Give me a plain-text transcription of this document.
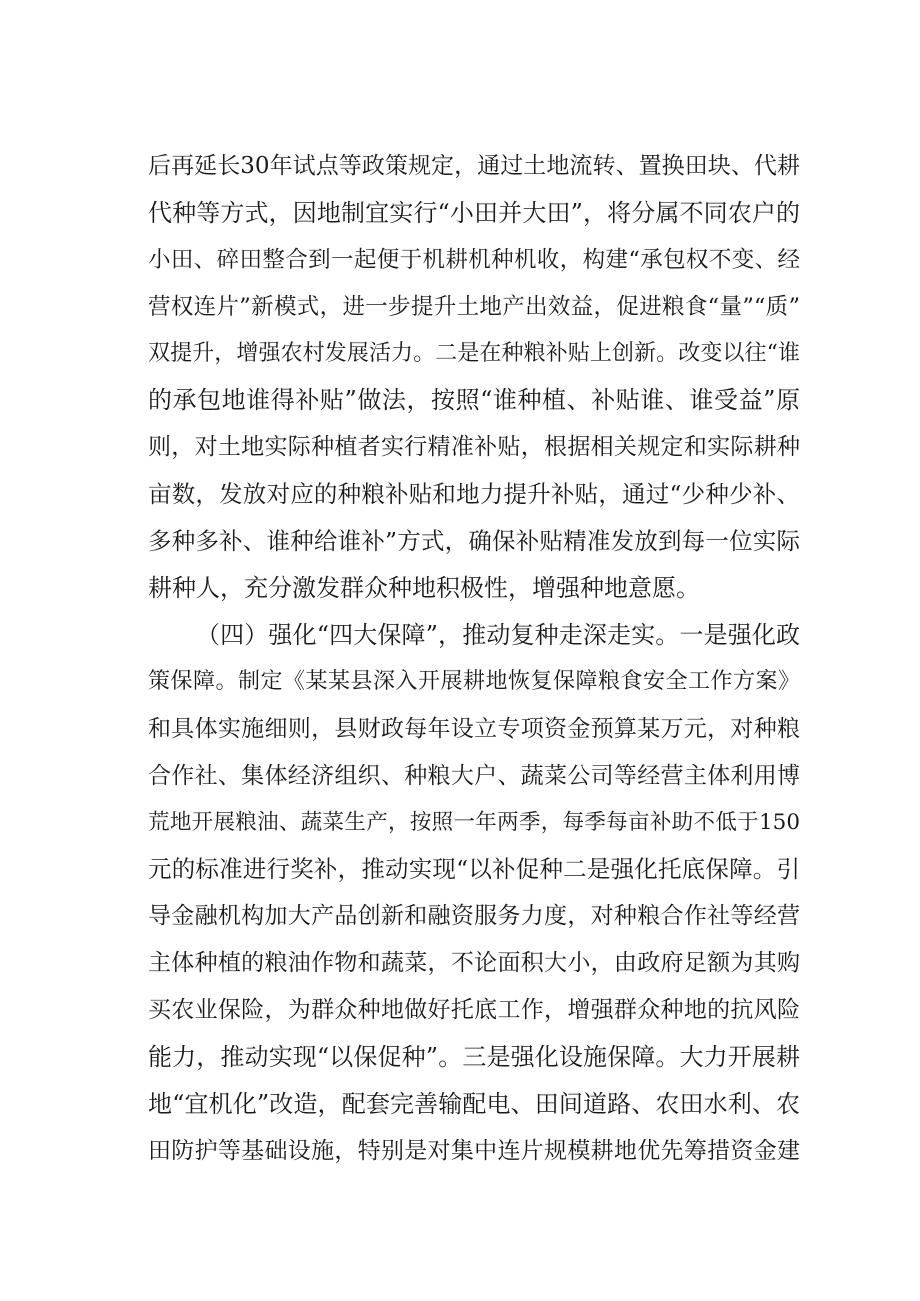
后再延长30年试点等政策规定，通过土地流转、置换田块、代耕
代种等方式，因地制宜实行“小田并大田”，将分属不同农户的
小田、碎田整合到一起便于机耕机种机收，构建“承包权不变、经
营权连片”新模式，进一步提升土地产出效益，促进粮食“量”“质”
双提升，增强农村发展活力。二是在种粮补贴上创新。改变以往“谁
的承包地谁得补贴”做法，按照“谁种植、补贴谁、谁受益”原
则，对土地实际种植者实行精准补贴，根据相关规定和实际耕种
亩数，发放对应的种粮补贴和地力提升补贴，通过“少种少补、
多种多补、谁种给谁补”方式，确保补贴精准发放到每一位实际
耕种人，充分激发群众种地积极性，增强种地意愿。
（四）强化“四大保障”，推动复种走深走实。一是强化政
策保障。制定《某某县深入开展耕地恢复保障粮食安全工作方案》
和具体实施细则，县财政每年设立专项资金预算某万元，对种粮
合作社、集体经济组织、种粮大户、蔬菜公司等经营主体利用博
荒地开展粮油、蔬菜生产，按照一年两季，每季每亩补助不低于150
元的标准进行奖补，推动实现“以补促种二是强化托底保障。引
导金融机构加大产品创新和融资服务力度，对种粮合作社等经营
主体种植的粮油作物和蔬菜，不论面积大小，由政府足额为其购
买农业保险，为群众种地做好托底工作，增强群众种地的抗风险
能力，推动实现“以保促种”。三是强化设施保障。大力开展耕
地“宜机化”改造，配套完善输配电、田间道路、农田水利、农
田防护等基础设施，特别是对集中连片规模耕地优先筹措资金建
